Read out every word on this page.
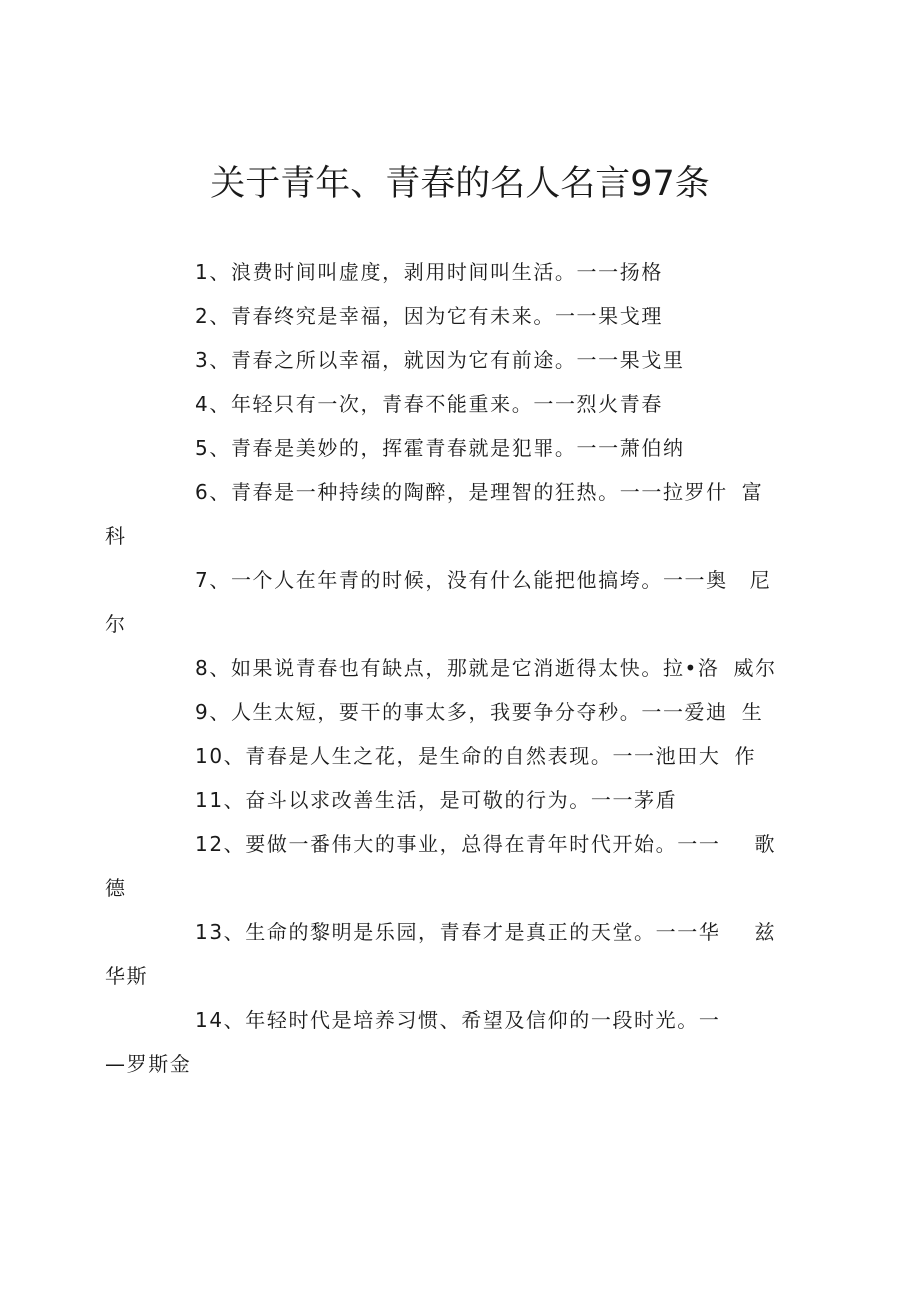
关于青年、青春的名人名言97条
1、浪费时间叫虚度，剥用时间叫生活。一一扬格
2、青春终究是幸福，因为它有未来。一一果戈理
3、青春之所以幸福，就因为它有前途。一一果戈里
4、年轻只有一次，青春不能重来。一一烈火青春
5、青春是美妙的，挥霍青春就是犯罪。一一萧伯纳
6、青春是一种持续的陶醉，是理智的狂热。一一拉罗什 富
科
7、一个人在年青的时候，没有什么能把他搞垮。一一奥 尼
尔
8、如果说青春也有缺点，那就是它消逝得太快。拉•洛 威尔
9、人生太短，要干的事太多，我要争分夺秒。一一爱迪 生
10、青春是人生之花，是生命的自然表现。一一池田大 作
11、奋斗以求改善生活，是可敬的行为。一一茅盾
12、要做一番伟大的事业，总得在青年时代开始。一一 歌
德
13、生命的黎明是乐园，青春才是真正的天堂。一一华 兹
华斯
14、年轻时代是培养习惯、希望及信仰的一段时光。一
—罗斯金
